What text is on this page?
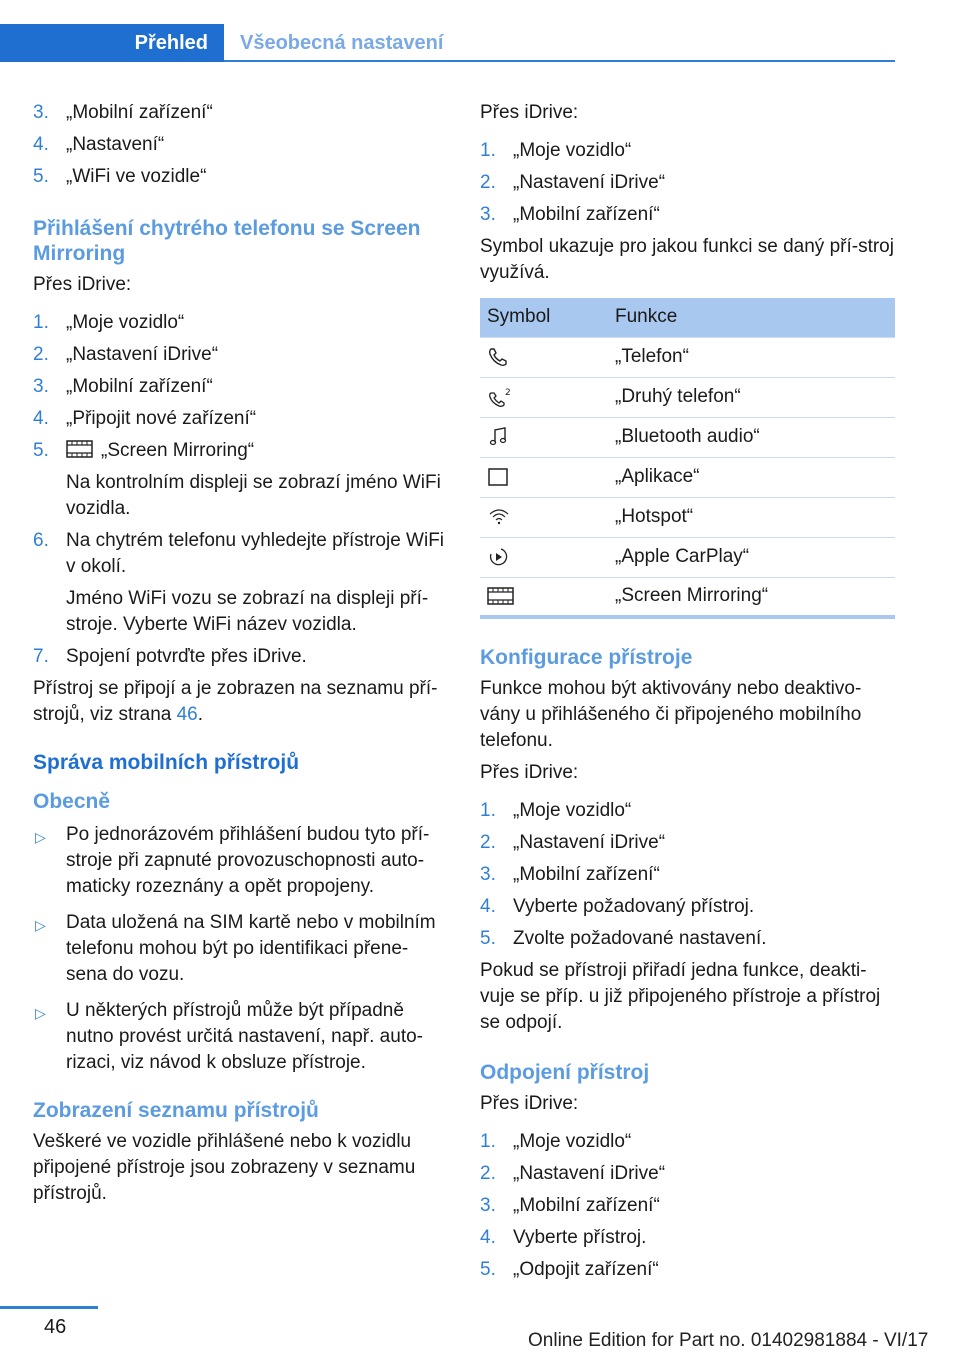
Přehled	Všeobecná nastavení
3. „Mobilní zařízení“
4. „Nastavení“
5. „WiFi ve vozidle“
Přihlášení chytrého telefonu se Screen Mirroring

Přes iDrive:

1. „Moje vozidlo“
2. „Nastavení iDrive“
3. „Mobilní zařízení“
4. „Připojit nové zařízení“
5.	„Screen Mirroring“
Na kontrolním displeji se zobrazí jméno WiFi vozidla.
6. Na chytrém telefonu vyhledejte přístroje WiFi v okolí.
Jméno WiFi vozu se zobrazí na displeji pří-stroje. Vyberte WiFi název vozidla.
7. Spojení potvrďte přes iDrive.

Přístroj se připojí a je zobrazen na seznamu pří-strojů, viz strana 46.

Správa mobilních přístrojů
Obecně
▷ Po jednorázovém přihlášení budou tyto pří-stroje při zapnuté provozuschopnosti auto-maticky rozeznány a opět propojeny.
▷ Data uložená na SIM kartě nebo v mobilním telefonu mohou být po identifikaci přene-sena do vozu.
▷ U některých přístrojů může být případně nutno provést určitá nastavení, např. auto-rizaci, viz návod k obsluze přístroje.
Zobrazení seznamu přístrojů

Veškeré ve vozidle přihlášené nebo k vozidlu připojené přístroje jsou zobrazeny v seznamu přístrojů.

Přes iDrive:

1. „Moje vozidlo“
2. „Nastavení iDrive“
3. „Mobilní zařízení“

Symbol ukazuje pro jakou funkci se daný pří-stroj využívá.

Symbol	Funkce

	„Telefon“

2	„Druhý telefon“

	„Bluetooth audio“

	„Aplikace“

	„Hotspot“

	„Apple CarPlay“

	„Screen Mirroring“
Konfigurace přístroje

Funkce mohou být aktivovány nebo deaktivo-vány u přihlášeného či připojeného mobilního telefonu.

Přes iDrive:

1. „Moje vozidlo“
2. „Nastavení iDrive“
3. „Mobilní zařízení“
4. Vyberte požadovaný přístroj.
5. Zvolte požadované nastavení.

Pokud se přístroji přiřadí jedna funkce, deakti-vuje se příp. u již připojeného přístroje a přístroj se odpojí.

Odpojení přístroj

Přes iDrive:

1. „Moje vozidlo“
2. „Nastavení iDrive“
3. „Mobilní zařízení“
4. Vyberte přístroj.
5. „Odpojit zařízení“
46
Online Edition for Part no. 01402981884 - VI/17
